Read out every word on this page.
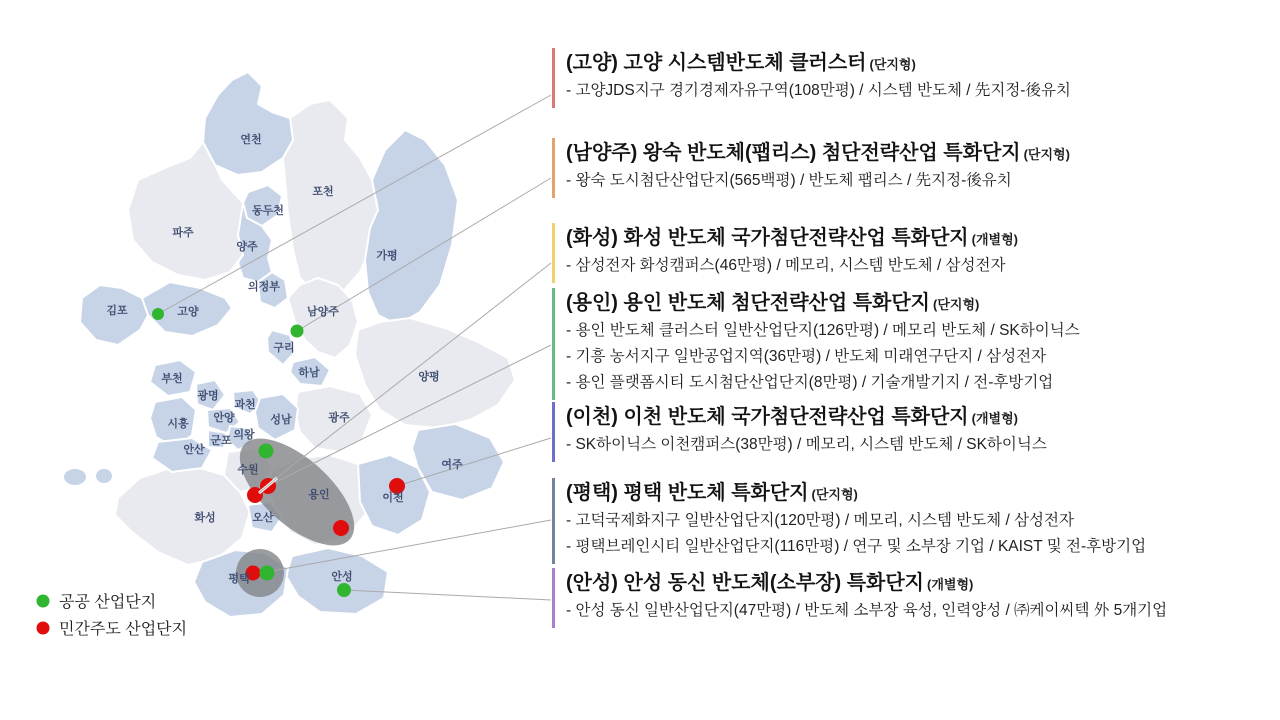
연천
포천
동두천
파주
양주
가평
의정부
김포	고양	남양주
구리
하남
부천	양평
광명
과천
안양	성남	광주
시흥
의왕
군포
안산
수원	여주
용인	이천
화성	오산
평택	안성
공공 산업단지
민간주도 산업단지
(고양) 고양 시스템반도체 클러스터 (단지형)
- 고양JDS지구 경기경제자유구역(108만평) / 시스템 반도체 / 先지정-後유치
(남양주) 왕숙 반도체(팹리스) 첨단전략산업 특화단지 (단지형)
- 왕숙 도시첨단산업단지(565백평) / 반도체 팹리스 / 先지정-後유치
(화성) 화성 반도체 국가첨단전략산업 특화단지 (개별형)
- 삼성전자 화성캠퍼스(46만평) / 메모리, 시스템 반도체 / 삼성전자
(용인) 용인 반도체 첨단전략산업 특화단지 (단지형)
- 용인 반도체 클러스터 일반산업단지(126만평) / 메모리 반도체 / SK하이닉스
- 기흥 농서지구 일반공업지역(36만평) / 반도체 미래연구단지 / 삼성전자
- 용인 플랫폼시티 도시첨단산업단지(8만평) / 기술개발기지 / 전-후방기업
(이천) 이천 반도체 국가첨단전략산업 특화단지 (개별형)
- SK하이닉스 이천캠퍼스(38만평) / 메모리, 시스템 반도체 / SK하이닉스
(평택) 평택 반도체 특화단지 (단지형)
- 고덕국제화지구 일반산업단지(120만평) / 메모리, 시스템 반도체 / 삼성전자
- 평택브레인시티 일반산업단지(116만평) / 연구 및 소부장 기업 / KAIST 및 전-후방기업
(안성) 안성 동신 반도체(소부장) 특화단지 (개별형)
- 안성 동신 일반산업단지(47만평) / 반도체 소부장 육성, 인력양성 / ㈜케이씨텍 外 5개기업
